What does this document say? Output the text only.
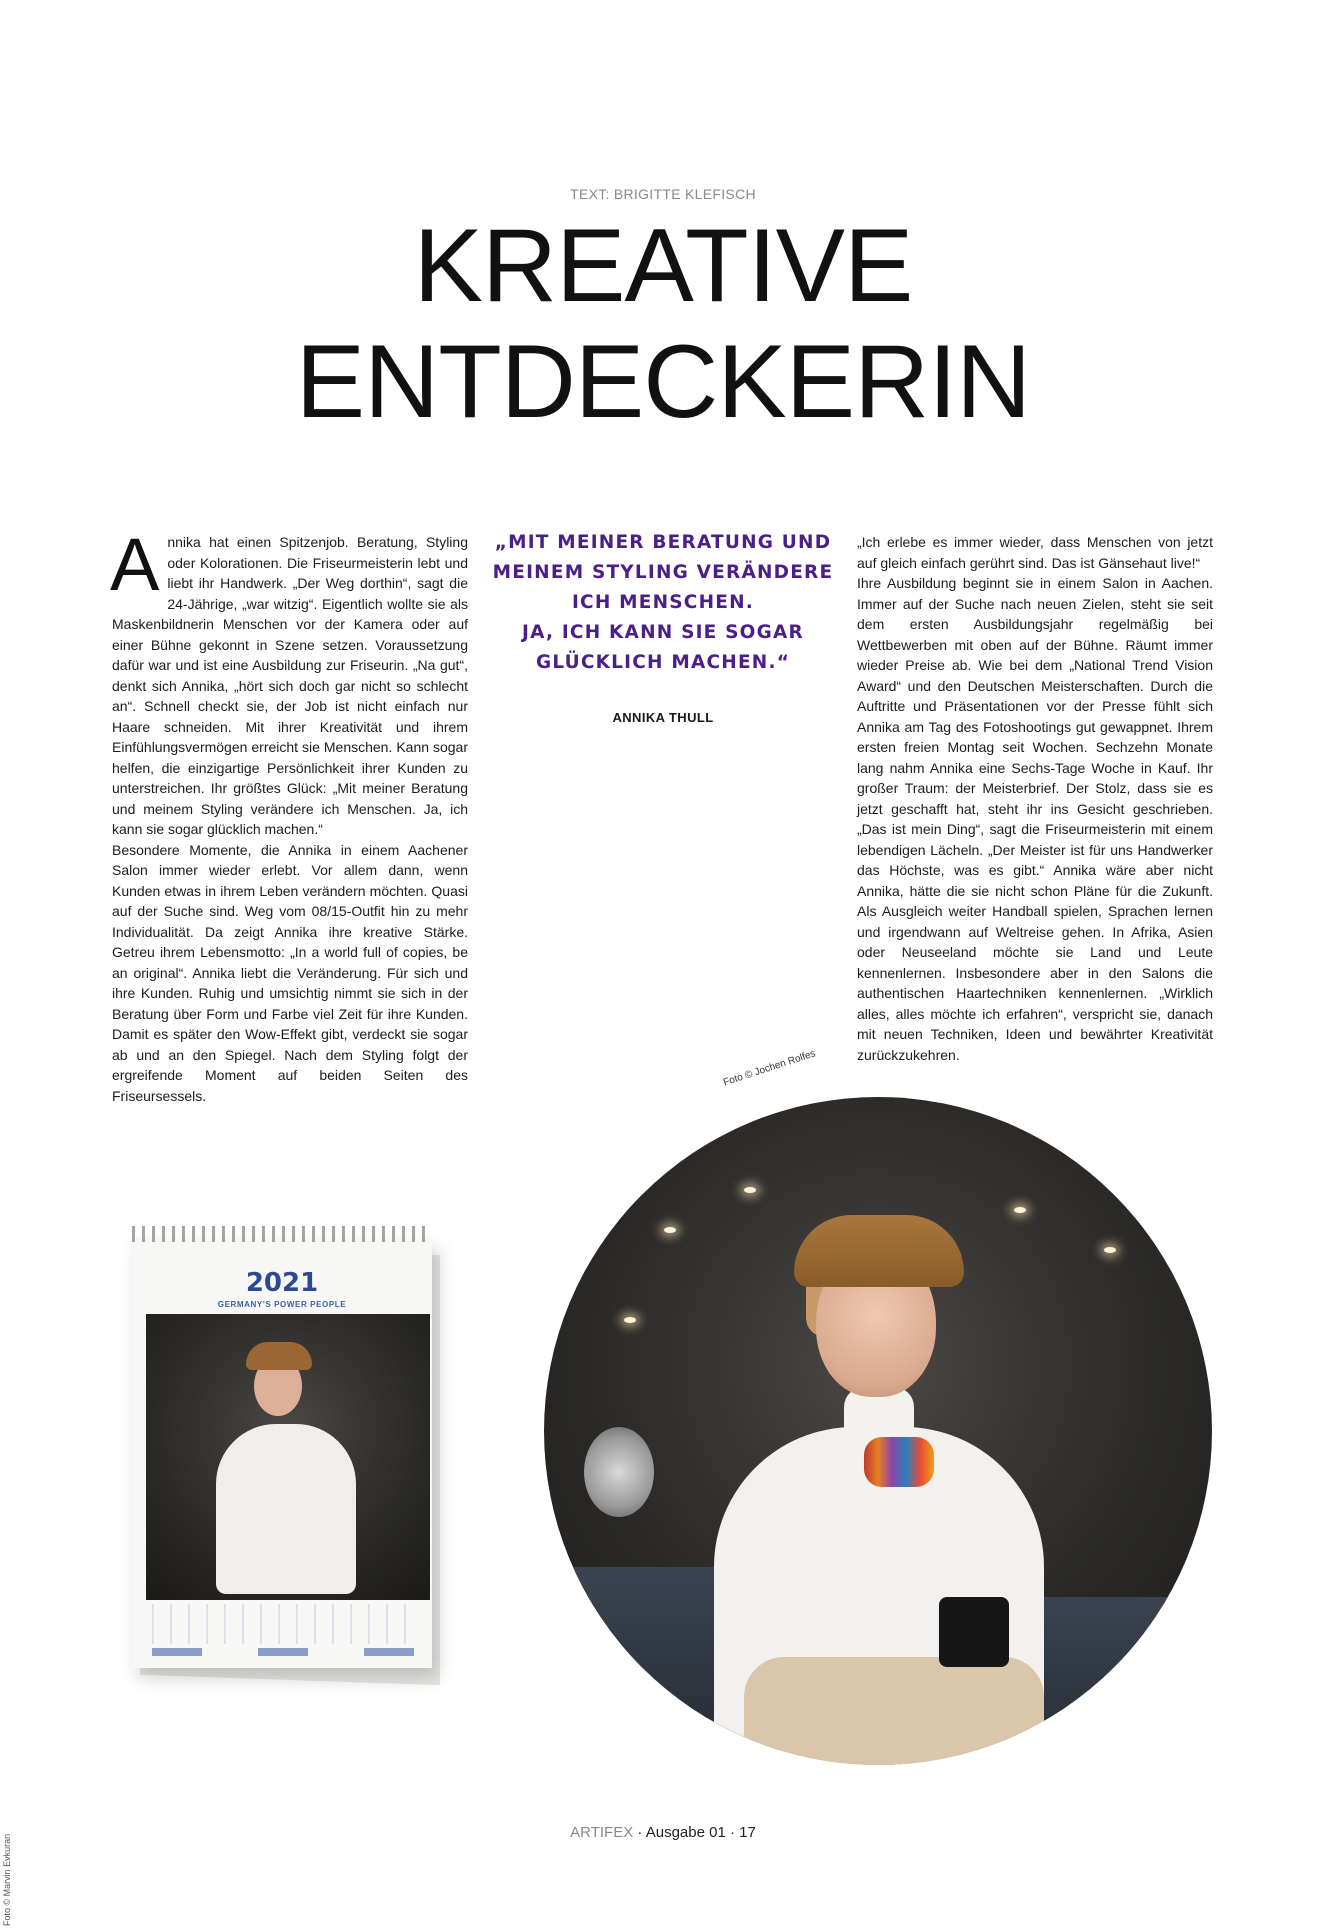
TEXT: BRIGITTE KLEFISCH
KREATIVE
ENTDECKERIN

Annika hat einen Spitzenjob. Beratung, Styling oder Kolorationen. Die Friseurmeisterin lebt und liebt ihr Handwerk. „Der Weg dorthin“, sagt die 24-Jährige, „war witzig“. Eigentlich wollte sie als Maskenbildnerin Menschen vor der Kamera oder auf einer Bühne gekonnt in Szene setzen. Voraussetzung dafür war und ist eine Ausbildung zur Friseurin. „Na gut“, denkt sich Annika, „hört sich doch gar nicht so schlecht an“. Schnell checkt sie, der Job ist nicht einfach nur Haare schneiden. Mit ihrer Kreativität und ihrem Einfühlungsvermögen erreicht sie Menschen. Kann sogar helfen, die einzigartige Persönlichkeit ihrer Kunden zu unterstreichen. Ihr größtes Glück: „Mit meiner Beratung und meinem Styling verändere ich Menschen. Ja, ich kann sie sogar glücklich machen.“

Besondere Momente, die Annika in einem Aachener Salon immer wieder erlebt. Vor allem dann, wenn Kunden etwas in ihrem Leben verändern möchten. Quasi auf der Suche sind. Weg vom 08/15-Outfit hin zu mehr Individualität. Da zeigt Annika ihre kreative Stärke. Getreu ihrem Lebensmotto: „In a world full of copies, be an original“. Annika liebt die Veränderung. Für sich und ihre Kunden. Ruhig und umsichtig nimmt sie sich in der Beratung über Form und Farbe viel Zeit für ihre Kunden. Damit es später den Wow-Effekt gibt, verdeckt sie sogar ab und an den Spiegel. Nach dem Styling folgt der ergreifende Moment auf beiden Seiten des Friseursessels.

„MIT MEINER BERATUNG UND
MEINEM STYLING VERÄNDERE
ICH MENSCHEN.
JA, ICH KANN SIE SOGAR
GLÜCKLICH MACHEN.“
ANNIKA THULL

„Ich erlebe es immer wieder, dass Menschen von jetzt auf gleich einfach gerührt sind. Das ist Gänsehaut live!“

Ihre Ausbildung beginnt sie in einem Salon in Aachen. Immer auf der Suche nach neuen Zielen, steht sie seit dem ersten Ausbildungsjahr regelmäßig bei Wettbewerben mit oben auf der Bühne. Räumt immer wieder Preise ab. Wie bei dem „National Trend Vision Award“ und den Deutschen Meisterschaften. Durch die Auftritte und Präsentationen vor der Presse fühlt sich Annika am Tag des Fotoshootings gut gewappnet. Ihrem ersten freien Montag seit Wochen. Sechzehn Monate lang nahm Annika eine Sechs-Tage Woche in Kauf. Ihr großer Traum: der Meisterbrief. Der Stolz, dass sie es jetzt geschafft hat, steht ihr ins Gesicht geschrieben. „Das ist mein Ding“, sagt die Friseurmeisterin mit einem lebendigen Lächeln. „Der Meister ist für uns Handwerker das Höchste, was es gibt.“ Annika wäre aber nicht Annika, hätte die sie nicht schon Pläne für die Zukunft. Als Ausgleich weiter Handball spielen, Sprachen lernen und irgendwann auf Weltreise gehen. In Afrika, Asien oder Neuseeland möchte sie Land und Leute kennenlernen. Insbesondere aber in den Salons die authentischen Haartechniken kennenlernen. „Wirklich alles, alles möchte ich erfahren“, verspricht sie, danach mit neuen Techniken, Ideen und bewährter Kreativität zurückzukehren.

2021
GERMANY'S POWER PEOPLE
Foto © Jochen Rolfes
ARTIFEX · Ausgabe 01 · 17
Foto © Marvin Evkuran
